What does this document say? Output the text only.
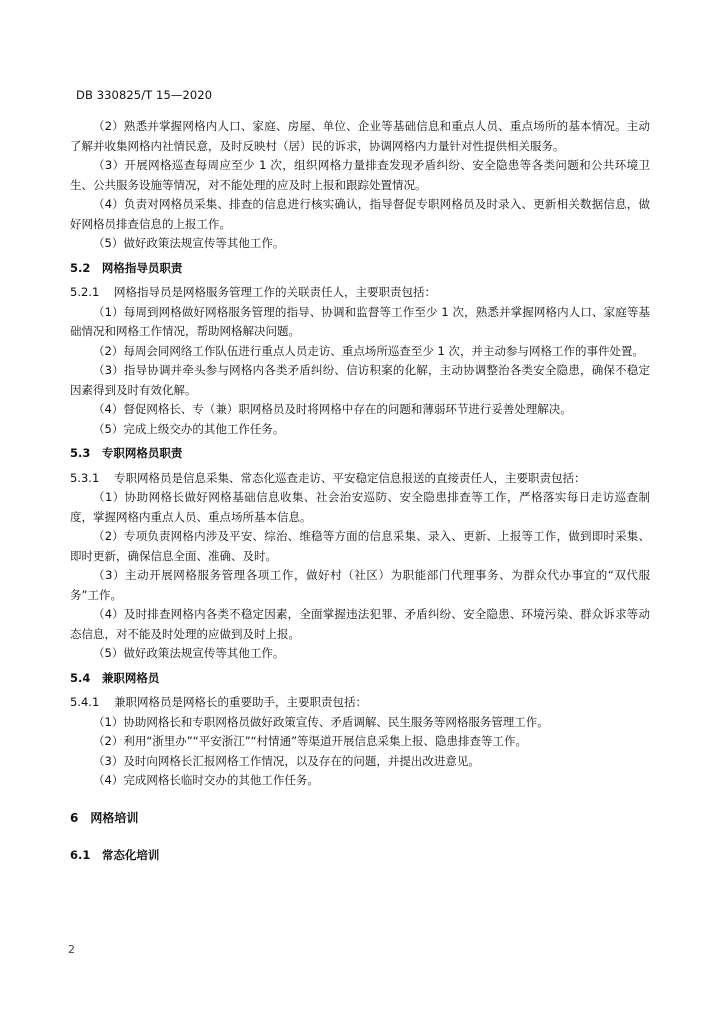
DB 330825/T 15—2020

（2）熟悉并掌握网格内人口、家庭、房屋、单位、企业等基础信息和重点人员、重点场所的基本情况。主动了解并收集网格内社情民意，及时反映村（居）民的诉求，协调网格内力量针对性提供相关服务。

（3）开展网格巡查每周应至少 1 次，组织网格力量排查发现矛盾纠纷、安全隐患等各类问题和公共环境卫生、公共服务设施等情况，对不能处理的应及时上报和跟踪处置情况。

（4）负责对网格员采集、排查的信息进行核实确认，指导督促专职网格员及时录入、更新相关数据信息，做好网格员排查信息的上报工作。

（5）做好政策法规宣传等其他工作。

5.2　网格指导员职责

5.2.1 网格指导员是网格服务管理工作的关联责任人，主要职责包括：

（1）每周到网格做好网格服务管理的指导、协调和监督等工作至少 1 次，熟悉并掌握网格内人口、家庭等基础情况和网格工作情况，帮助网格解决问题。

（2）每周会同网络工作队伍进行重点人员走访、重点场所巡查至少 1 次，并主动参与网格工作的事件处置。

（3）指导协调并牵头参与网格内各类矛盾纠纷、信访积案的化解，主动协调整治各类安全隐患，确保不稳定因素得到及时有效化解。

（4）督促网格长、专（兼）职网格员及时将网格中存在的问题和薄弱环节进行妥善处理解决。

（5）完成上级交办的其他工作任务。

5.3　专职网格员职责

5.3.1 专职网格员是信息采集、常态化巡查走访、平安稳定信息报送的直接责任人，主要职责包括：

（1）协助网格长做好网格基础信息收集、社会治安巡防、安全隐患排查等工作，严格落实每日走访巡查制度，掌握网格内重点人员、重点场所基本信息。

（2）专项负责网格内涉及平安、综治、维稳等方面的信息采集、录入、更新、上报等工作，做到即时采集、即时更新，确保信息全面、准确、及时。

（3）主动开展网格服务管理各项工作，做好村（社区）为职能部门代理事务、为群众代办事宜的“双代服务”工作。

（4）及时排查网格内各类不稳定因素，全面掌握违法犯罪、矛盾纠纷、安全隐患、环境污染、群众诉求等动态信息，对不能及时处理的应做到及时上报。

（5）做好政策法规宣传等其他工作。

5.4　兼职网格员

5.4.1 兼职网格员是网格长的重要助手，主要职责包括：

（1）协助网格长和专职网格员做好政策宣传、矛盾调解、民生服务等网格服务管理工作。

（2）利用“浙里办”“平安浙江”“村情通”等渠道开展信息采集上报、隐患排查等工作。

（3）及时向网格长汇报网格工作情况，以及存在的问题，并提出改进意见。

（4）完成网格长临时交办的其他工作任务。

6　网格培训
6.1　常态化培训
2
